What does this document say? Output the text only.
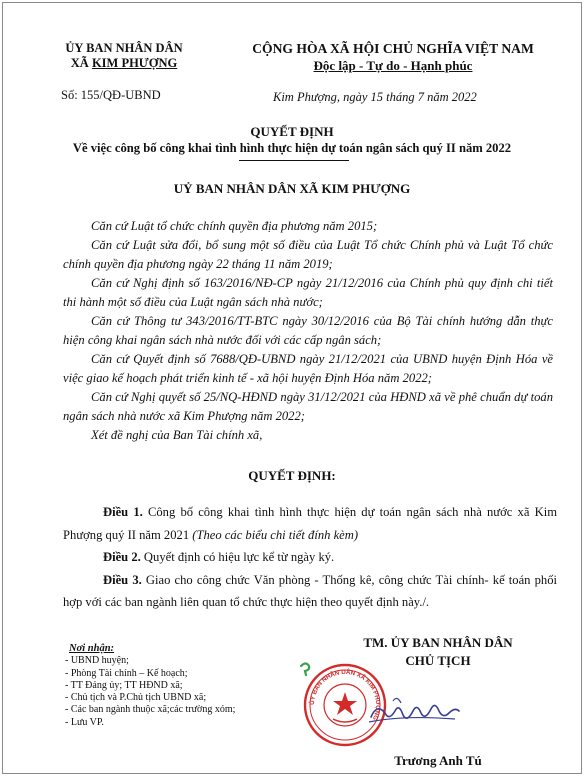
ỦY BAN NHÂN DÂN
XÃ KIM PHƯỢNG
Số: 155/QĐ-UBND
CỘNG HÒA XÃ HỘI CHỦ NGHĨA VIỆT NAM
Độc lập - Tự do - Hạnh phúc
Kim Phượng, ngày 15 tháng 7 năm 2022
QUYẾT ĐỊNH
Về việc công bố công khai tình hình thực hiện dự toán ngân sách quý II năm 2022
UỶ BAN NHÂN DÂN XÃ KIM PHƯỢNG

Căn cứ Luật tổ chức chính quyền địa phương năm 2015;

Căn cứ Luật sửa đổi, bổ sung một số điều của Luật Tổ chức Chính phủ và Luật Tổ chức chính quyền địa phương ngày 22 tháng 11 năm 2019;

Căn cứ Nghị định số 163/2016/NĐ-CP ngày 21/12/2016 của Chính phủ quy định chi tiết thi hành một số điều của Luật ngân sách nhà nước;

Căn cứ Thông tư 343/2016/TT-BTC ngày 30/12/2016 của Bộ Tài chính hướng dẫn thực hiện công khai ngân sách nhà nước đối với các cấp ngân sách;

Căn cứ Quyết định số 7688/QĐ-UBND ngày 21/12/2021 của UBND huyện Định Hóa về việc giao kế hoạch phát triển kinh tế - xã hội huyện Định Hóa năm 2022;

Căn cứ Nghị quyết số 25/NQ-HĐND ngày 31/12/2021 của HĐND xã về phê chuẩn dự toán ngân sách nhà nước xã Kim Phượng năm 2022;

Xét đề nghị của Ban Tài chính xã,

QUYẾT ĐỊNH:

Điều 1. Công bố công khai tình hình thực hiện dự toán ngân sách nhà nước xã Kim Phượng quý II năm 2021 (Theo các biểu chi tiết đính kèm)

Điều 2. Quyết định có hiệu lực kể từ ngày ký.

Điều 3. Giao cho công chức Văn phòng - Thống kê, công chức Tài chính- kế toán phối hợp với các ban ngành liên quan tổ chức thực hiện theo quyết định này./.

Nơi nhận:
- UBND huyện;
- Phòng Tài chính – Kế hoạch;
- TT Đảng ủy; TT HĐND xã;
- Chủ tịch và P.Chủ tịch UBND xã;
- Các ban ngành thuộc xã;các trường xóm;
- Lưu VP.
TM. ỦY BAN NHÂN DÂN
CHỦ TỊCH
ỦY BAN NHÂN DÂN XÃ KIM PHƯỢNG
Trương Anh Tú
